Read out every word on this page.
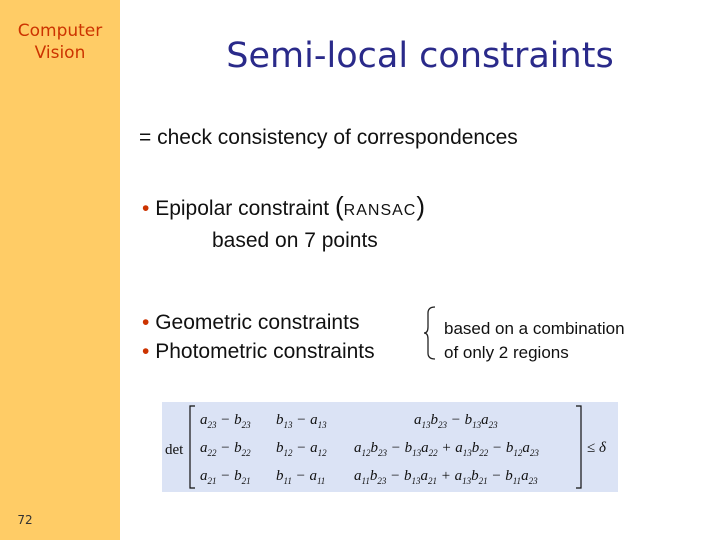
Computer
Vision
72
Semi-local constraints
= check consistency of correspondences
• Epipolar constraint (RANSAC)
based on 7 points
• Geometric constraints
• Photometric constraints
based on a combination
of only 2 regions
det
$a_{23} - b_{23}$ $b_{13} - a_{13}$	$a_{13}b_{23} - b_{13}a_{23}$
$a_{22} - b_{22}$ $b_{12} - a_{12}$ $a_{12}b_{23} - b_{13}a_{22} + a_{13}b_{22} - b_{12}a_{23}$
$a_{21} - b_{21}$ $b_{11} - a_{11}$ $a_{11}b_{23} - b_{13}a_{21} + a_{13}b_{21} - b_{11}a_{23}$
≤ δ
